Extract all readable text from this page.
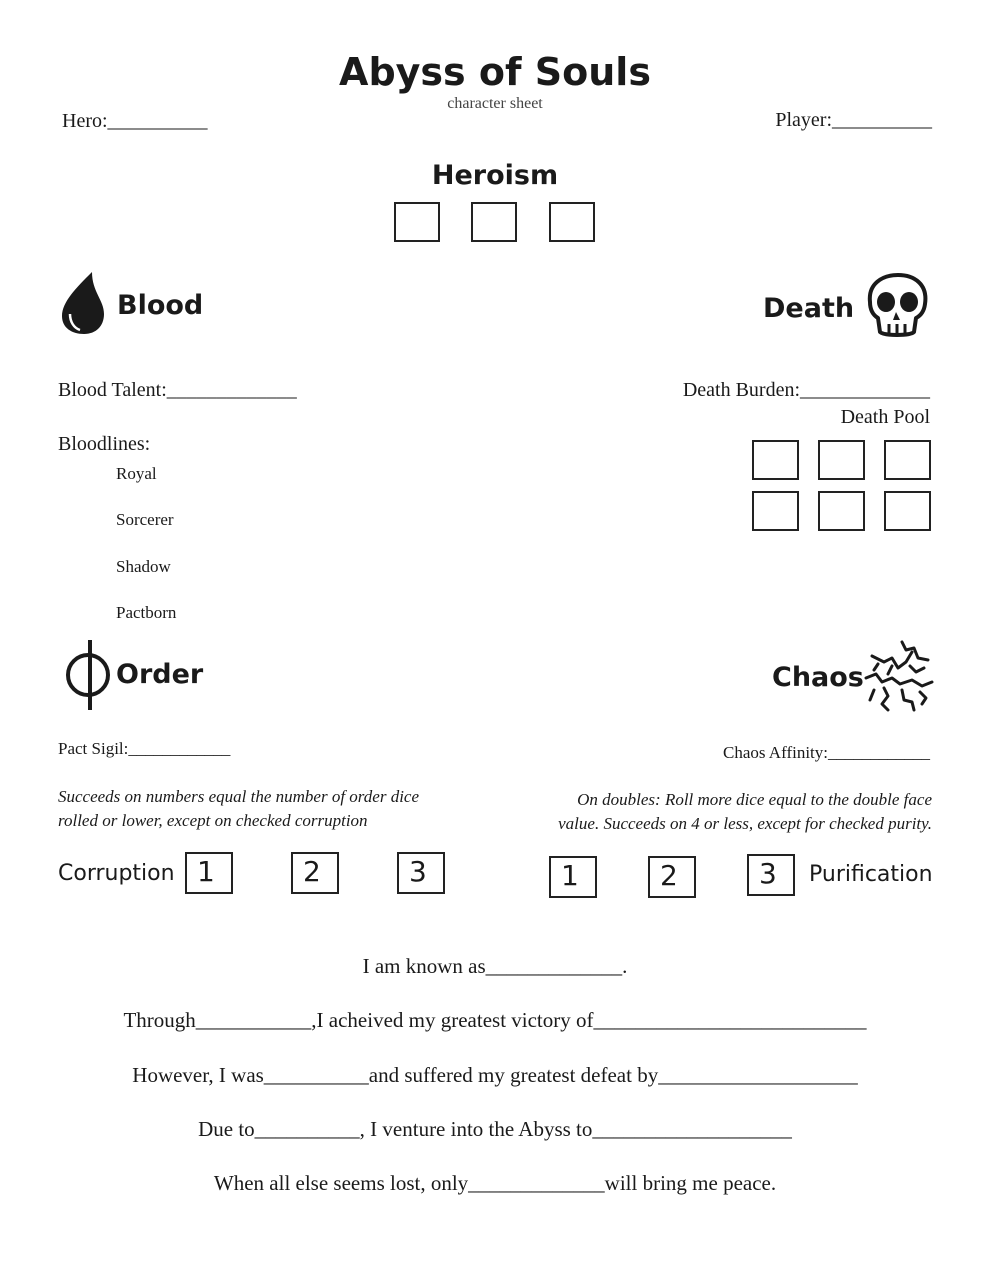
Abyss of Souls
character sheet
Hero:__________	Player:__________
Heroism
Blood
Blood Talent:_____________
Bloodlines:
Royal
Sorcerer
Shadow
Pactborn
Death
Death Burden:_____________
Death Pool
Order
Pact Sigil:____________
Succeeds on numbers equal the number of order dice
rolled or lower, except on checked corruption
Corruption 1	2	3
Chaos
Chaos Affinity:____________
On doubles: Roll more dice equal to the double face
value. Succeeds on 4 or less, except for checked purity.
1	2	3	Purification
I am known as_____________.
Through___________,I acheived my greatest victory of__________________________
However, I was__________and suffered my greatest defeat by___________________
Due to__________, I venture into the Abyss to___________________
When all else seems lost, only_____________will bring me peace.
